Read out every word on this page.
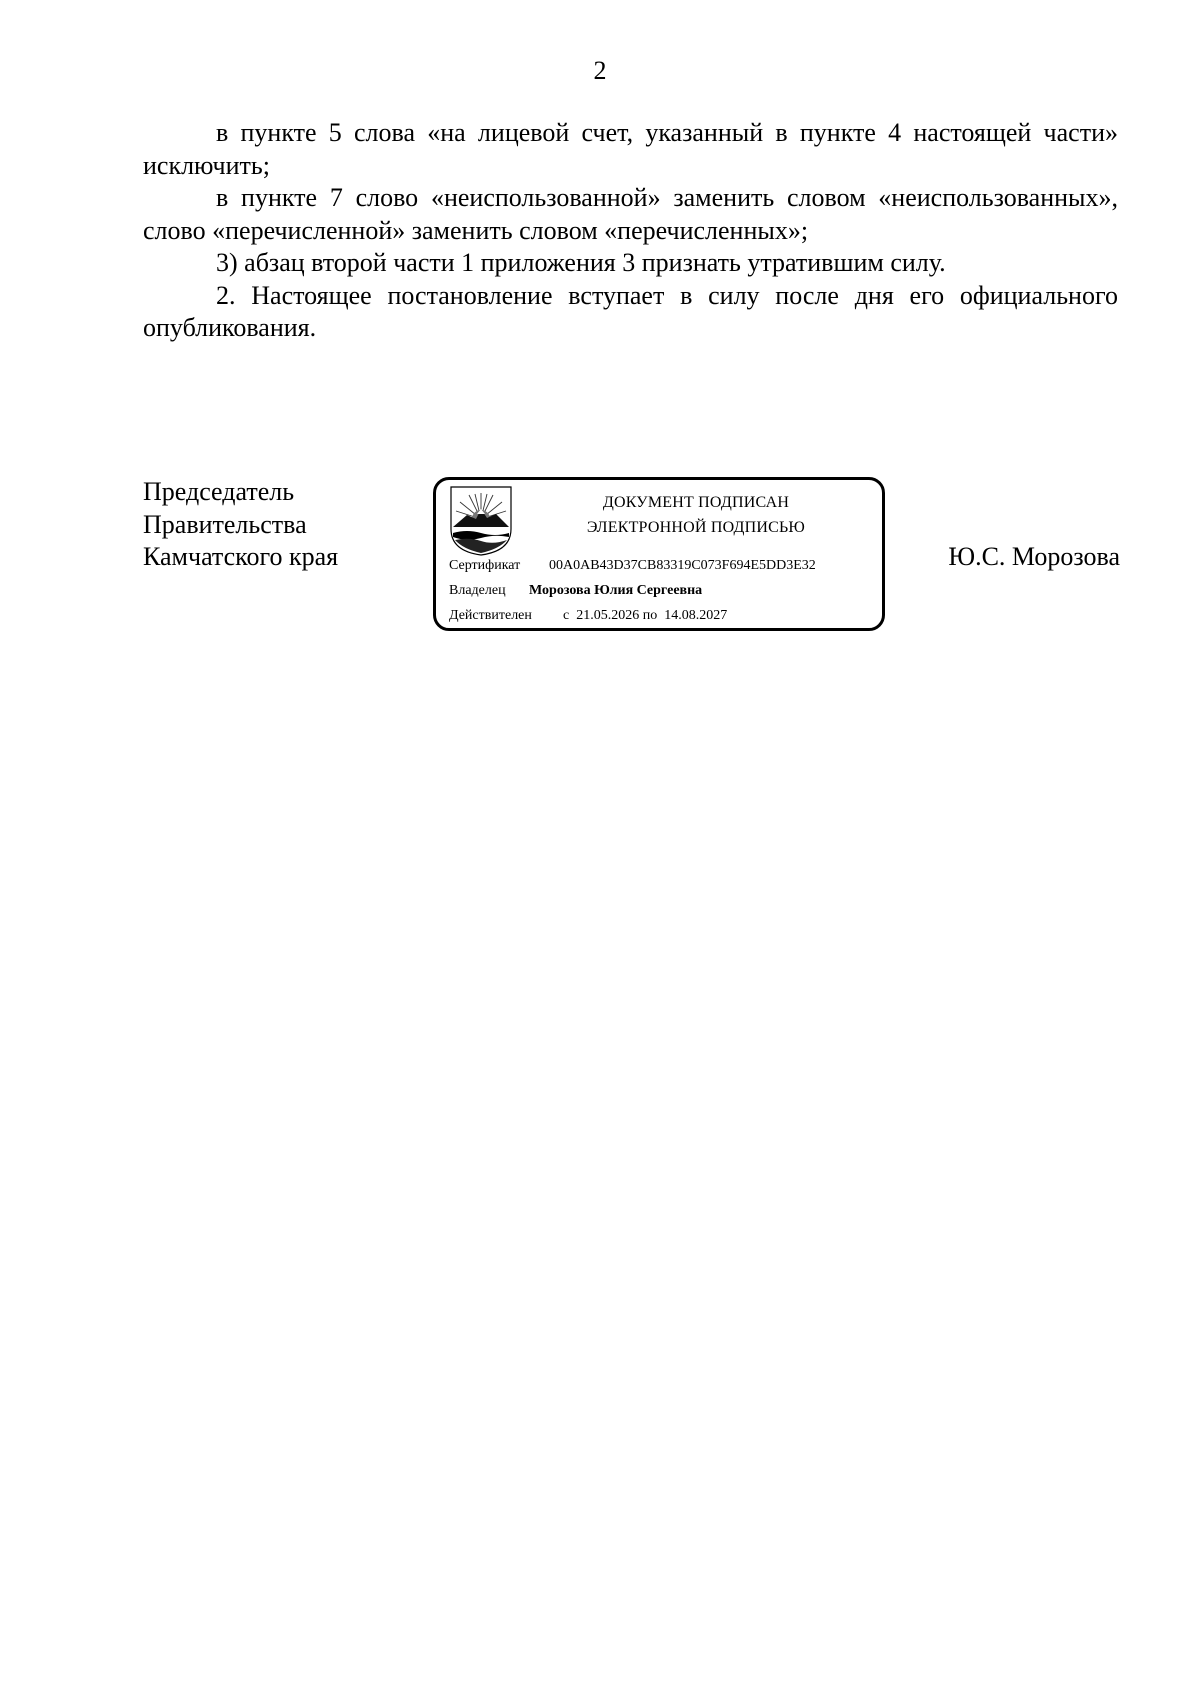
2

в пункте 5 слова «на лицевой счет, указанный в пункте 4 настоящей части» исключить;

в пункте 7 слово «неиспользованной» заменить словом «неиспользованных», слово «перечисленной» заменить словом «перечисленных»;

3) абзац второй части 1 приложения 3 признать утратившим силу.

2. Настоящее постановление вступает в силу после дня его официального опубликования.

Председатель
Правительства
Камчатского края	Ю.С. Морозова
ДОКУМЕНТ ПОДПИСАН
ЭЛЕКТРОННОЙ ПОДПИСЬЮ
Сертификат 00A0AB43D37CB83319C073F694E5DD3E32
Владелец Морозова Юлия Сергеевна
Действителен с  21.05.2026 по  14.08.2027
